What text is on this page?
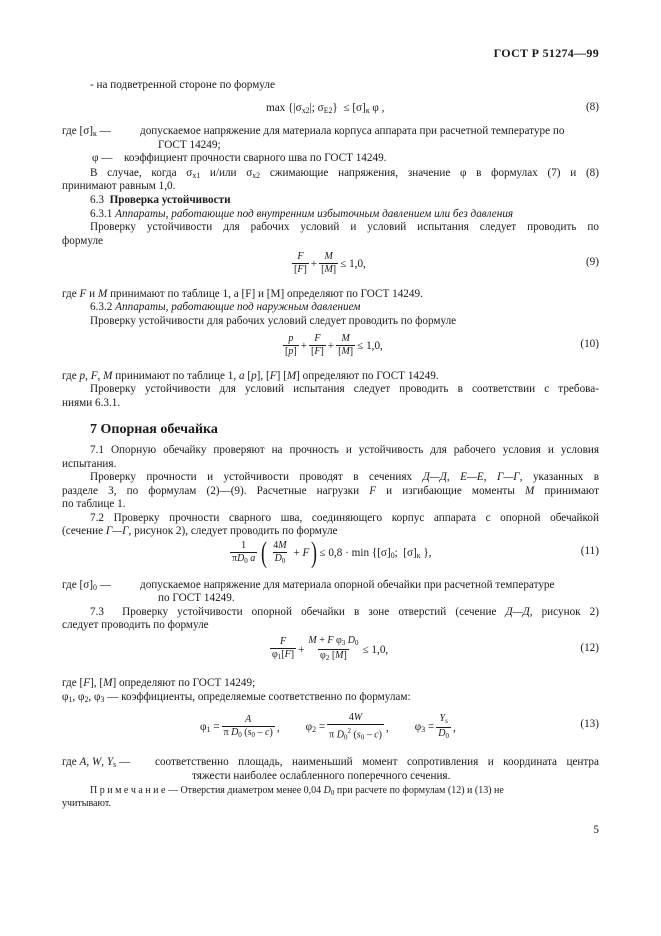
ГОСТ Р 51274—99
- на подветренной стороне по формуле
$\max \{|\sigma_{x2}|$; $\sigma_{E2}\} \le [\sigma]_к$ φ ,	(8)
где $[\sigma]_к$ —	допускаемое напряжение для материала корпуса аппарата при расчетной температуре по
ГОСТ 14249;
φ — коэффициент прочности сварного шва по ГОСТ 14249.
В случае, когда $\sigma_{x1}$ и/или $\sigma_{x2}$ сжимающие напряжения, значение φ в формулах (7) и (8)
принимают равным 1,0.
6.3 Проверка устойчивости
6.3.1 Аппараты, работающие под внутренним избыточным давлением или без давления
Проверку устойчивости для рабочих условий и условий испытания следует проводить по
формуле
$\frac{F}{[F]} + \frac{M}{[M]} \le 1,0$,	(9)
где F и M принимают по таблице 1, а [F] и [M] определяют по ГОСТ 14249.
6.3.2 Аппараты, работающие под наружным давлением
Проверку устойчивости для рабочих условий следует проводить по формуле
$\frac{p}{[p]} + \frac{F}{[F]} + \frac{M}{[M]} \le 1,0$,	(10)
где p, F, M принимают по таблице 1, а [p], [F] [M] определяют по ГОСТ 14249.
Проверку устойчивости для условий испытания следует проводить в соответствии с требова-
ниями 6.3.1.
7 Опорная обечайка
7.1 Опорную обечайку проверяют на прочность и устойчивость для рабочего условия и условия
испытания.
Проверку прочности и устойчивости проводят в сечениях Д—Д, Е—Е, Г—Г, указанных в
разделе 3, по формулам (2)—(9). Расчетные нагрузки F и изгибающие моменты M принимают
по таблице 1.
7.2 Проверку прочности сварного шва, соединяющего корпус аппарата с опорной обечайкой
(сечение Г—Г, рисунок 2), следует проводить по формуле
$\frac{1}{\pi D_0 a}$ ( $\frac{4M}{D_0} + F$ ) ≤ $0,8 \cdot \min \{[\sigma]_0$;  $[\sigma]_к$ },	(11)
где $[\sigma]_0$ —	допускаемое напряжение для материала опорной обечайки при расчетной температуре
по ГОСТ 14249.
7.3  Проверку устойчивости опорной обечайки в зоне отверстий (сечение Д—Д, рисунок 2)
следует проводить по формуле
$\frac{F}{\varphi_1[F]} + \frac{M + F \varphi_3 D_0}{\varphi_2 [M]} \le 1,0$,	(12)
где [F], [M] определяют по ГОСТ 14249;
$\varphi_1$, $\varphi_2$, $\varphi_3$ — коэффициенты, определяемые соответственно по формулам:
$\varphi_1 = \frac{A}{\pi D_0 (s_0 - c)}$ , $\varphi_2 = \frac{4W}{\pi D_0^2 (s_0 - c)}$ , $\varphi_3 = \frac{Y_s}{D_0}$ ,	(13)
где A, W, $Y_s$ — соответственно площадь, наименьший момент сопротивления и координата центра
тяжести наиболее ослабленного поперечного сечения.
П р и м е ч а н и е — Отверстия диаметром менее 0,04 $D_0$ при расчете по формулам (12) и (13) не
учитывают.
5
